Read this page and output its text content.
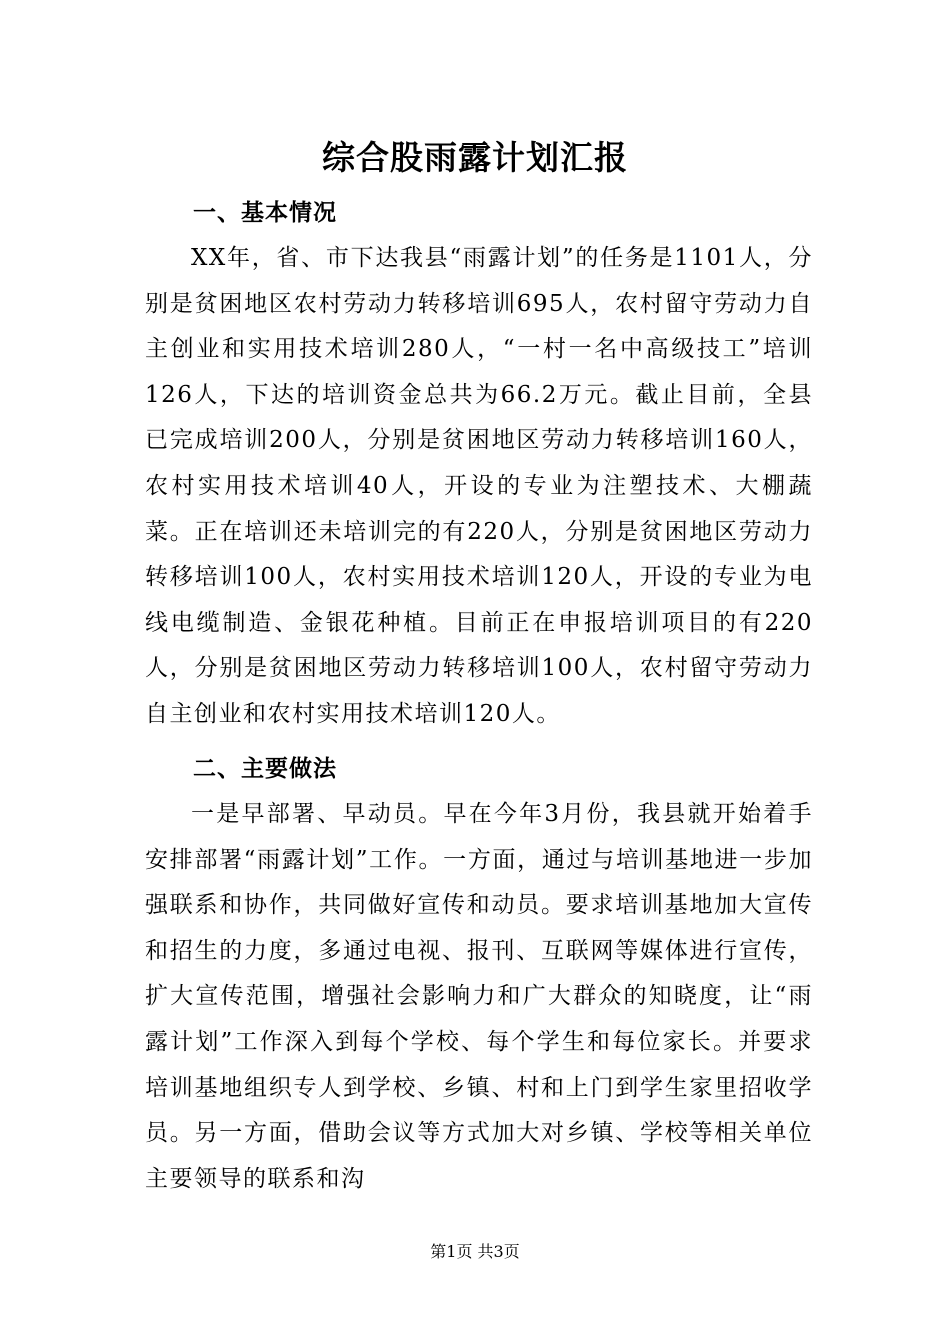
综合股雨露计划汇报
一、基本情况

XX年，省、市下达我县“雨露计划”的任务是1101人，分别是贫困地区农村劳动力转移培训695人，农村留守劳动力自主创业和实用技术培训280人，“一村一名中高级技工”培训126人，下达的培训资金总共为66.2万元。截止目前，全县已完成培训200人，分别是贫困地区劳动力转移培训160人，农村实用技术培训40人，开设的专业为注塑技术、大棚蔬菜。正在培训还未培训完的有220人，分别是贫困地区劳动力转移培训100人，农村实用技术培训120人，开设的专业为电线电缆制造、金银花种植。目前正在申报培训项目的有220人，分别是贫困地区劳动力转移培训100人，农村留守劳动力自主创业和农村实用技术培训120人。

二、主要做法

一是早部署、早动员。早在今年3月份，我县就开始着手安排部署“雨露计划”工作。一方面，通过与培训基地进一步加强联系和协作，共同做好宣传和动员。要求培训基地加大宣传和招生的力度，多通过电视、报刊、互联网等媒体进行宣传，扩大宣传范围，增强社会影响力和广大群众的知晓度，让“雨露计划”工作深入到每个学校、每个学生和每位家长。并要求培训基地组织专人到学校、乡镇、村和上门到学生家里招收学员。另一方面，借助会议等方式加大对乡镇、学校等相关单位主要领导的联系和沟

第1页 共3页
